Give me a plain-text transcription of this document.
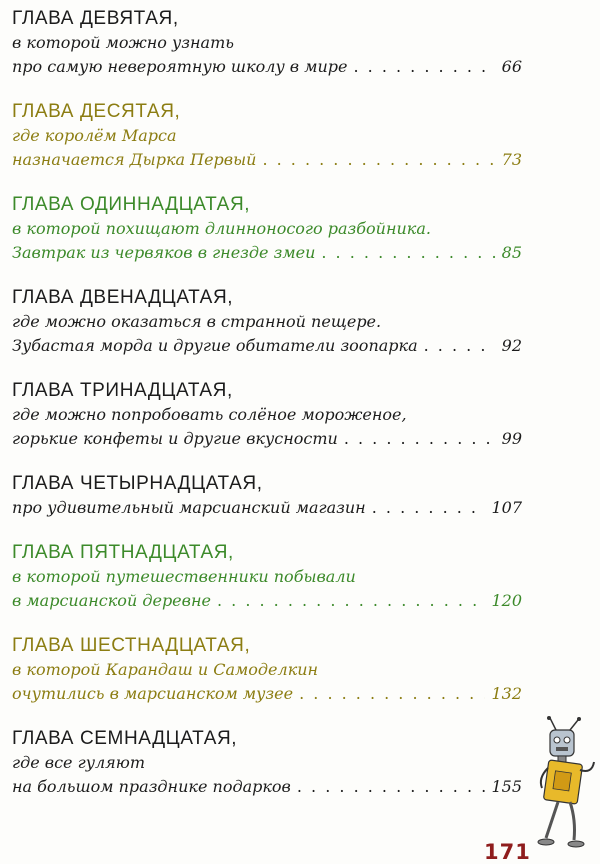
ГЛАВА ДЕВЯТАЯ,
в которой можно узнать
про самую невероятную школу в мире . . .	66
ГЛАВА ДЕСЯТАЯ,
где королём Марса
назначается Дырка Первый . . .	73
ГЛАВА ОДИННАДЦАТАЯ,
в которой похищают длинноносого разбойника.
Завтрак из червяков в гнезде змеи . . .	85
ГЛАВА ДВЕНАДЦАТАЯ,
где можно оказаться в странной пещере.
Зубастая морда и другие обитатели зоопарка . . .	92
ГЛАВА ТРИНАДЦАТАЯ,
где можно попробовать солёное мороженое,
горькие конфеты и другие вкусности . . .	99
ГЛАВА ЧЕТЫРНАДЦАТАЯ,
про удивительный марсианский магазин . . .	107
ГЛАВА ПЯТНАДЦАТАЯ,
в которой путешественники побывали
в марсианской деревне . . .	120
ГЛАВА ШЕСТНАДЦАТАЯ,
в которой Карандаш и Самоделкин
очутились в марсианском музее . . .	132
ГЛАВА СЕМНАДЦАТАЯ,
где все гуляют
на большом празднике подарков . . .	155
171
